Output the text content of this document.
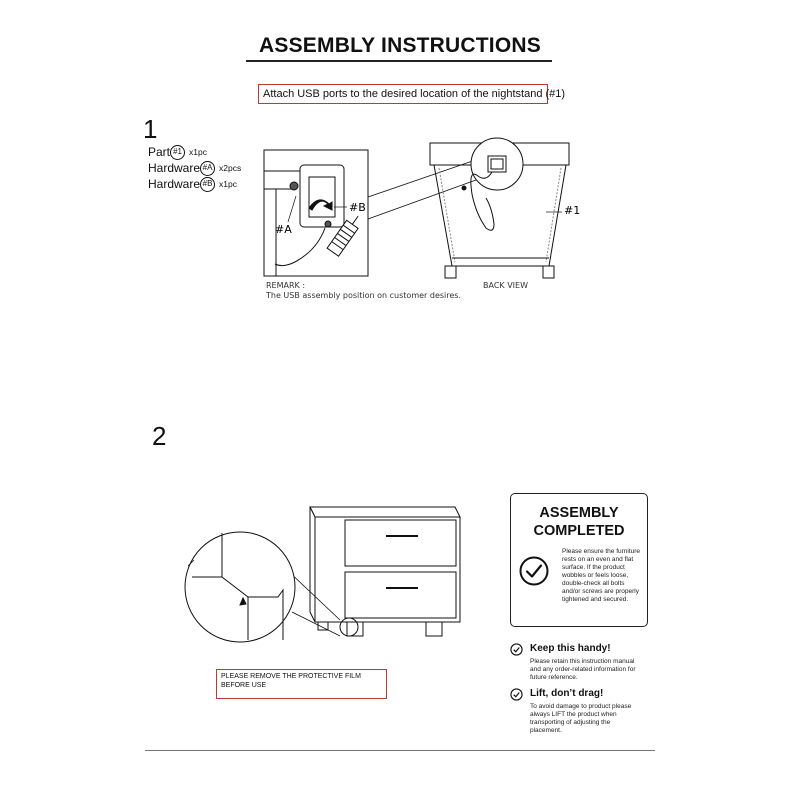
ASSEMBLY INSTRUCTIONS
Attach USB ports to the desired location of the nightstand (#1)
1
Part #1 x1pc
Hardware #A x2pcs
Hardware #B x1pc
#A
#B	#1
REMARK :
The USB assembly position on customer desires.
BACK VIEW
2
PLEASE REMOVE THE PROTECTIVE FILM BEFORE USE
ASSEMBLY
COMPLETED
Please ensure the furniture rests on an even and flat surface. If the product wobbles or feels loose, double-check all bolts and/or screws are properly tightened and secured.
Keep this handy!
Please retain this instruction manual and any order-related information for future reference.
Lift, don’t drag!
To avoid damage to product please always LIFT the product when transporting of adjusting the placement.
